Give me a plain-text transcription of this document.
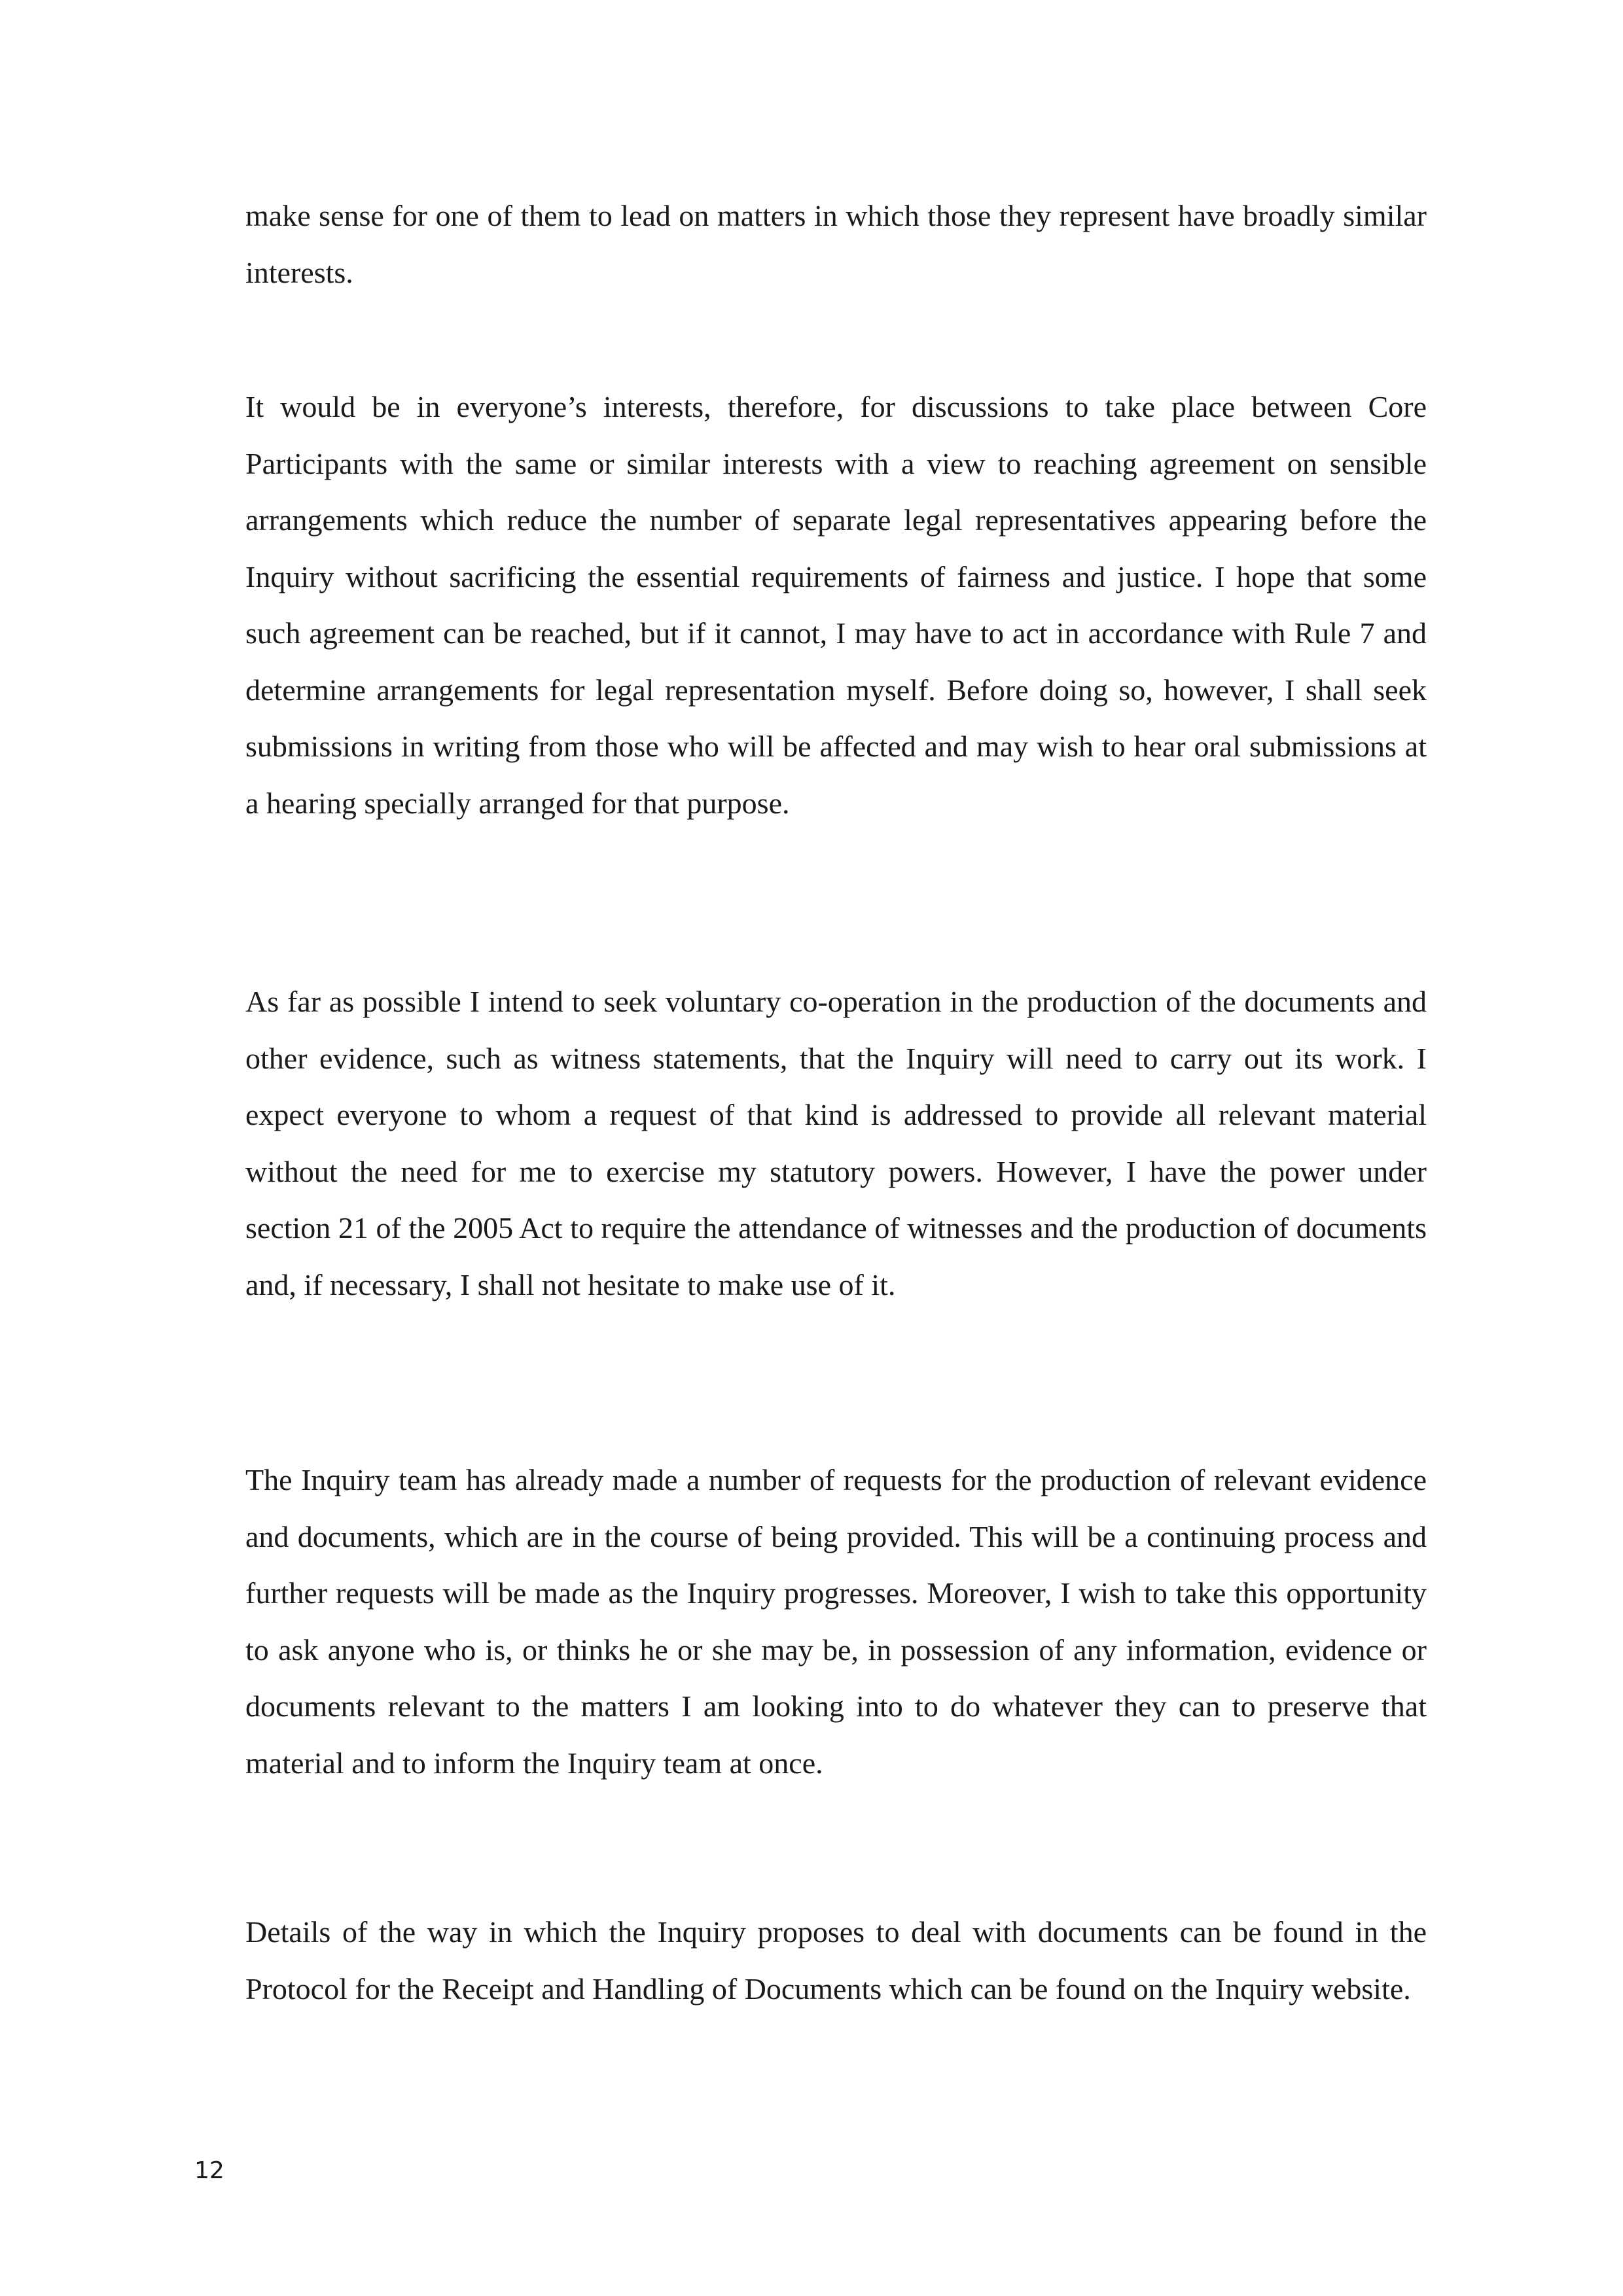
make sense for one of them to lead on matters in which those they represent have broadly similar interests.

It would be in everyone’s interests, therefore, for discussions to take place between Core Participants with the same or similar interests with a view to reaching agreement on sensible arrangements which reduce the number of separate legal representatives appearing before the Inquiry without sacrificing the essential requirements of fairness and justice. I hope that some such agreement can be reached, but if it cannot, I may have to act in accordance with Rule 7 and determine arrangements for legal representation myself. Before doing so, however, I shall seek submissions in writing from those who will be affected and may wish to hear oral submissions at a hearing specially arranged for that purpose.

As far as possible I intend to seek voluntary co-operation in the production of the documents and other evidence, such as witness statements, that the Inquiry will need to carry out its work. I expect everyone to whom a request of that kind is addressed to provide all relevant material without the need for me to exercise my statutory powers. However, I have the power under section 21 of the 2005 Act to require the attendance of witnesses and the production of documents and, if necessary, I shall not hesitate to make use of it.

The Inquiry team has already made a number of requests for the production of relevant evidence and documents, which are in the course of being provided. This will be a continuing process and further requests will be made as the Inquiry progresses. Moreover, I wish to take this opportunity to ask anyone who is, or thinks he or she may be, in possession of any information, evidence or documents relevant to the matters I am looking into to do whatever they can to preserve that material and to inform the Inquiry team at once.

Details of the way in which the Inquiry proposes to deal with documents can be found in the Protocol for the Receipt and Handling of Documents which can be found on the Inquiry website.

12
